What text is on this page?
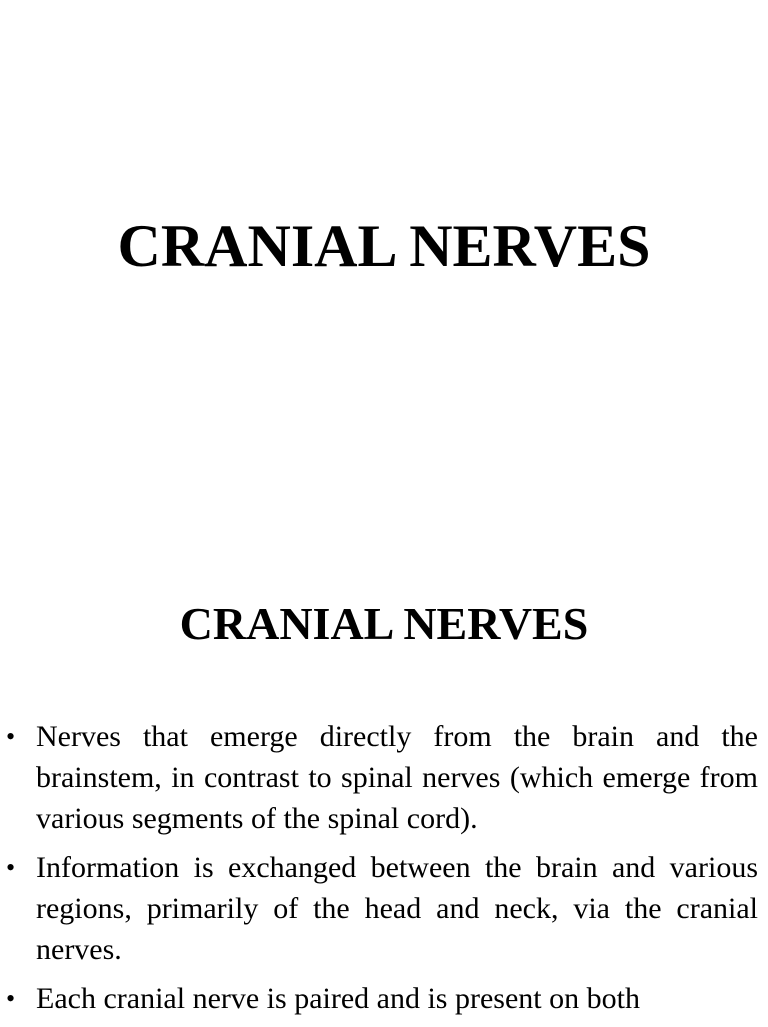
CRANIAL NERVES
CRANIAL NERVES
• Nerves that emerge directly from the brain and the brainstem, in contrast to spinal nerves (which emerge from various segments of the spinal cord).
• Information is exchanged between the brain and various regions, primarily of the head and neck, via the cranial nerves.
• Each cranial nerve is paired and is present on both
